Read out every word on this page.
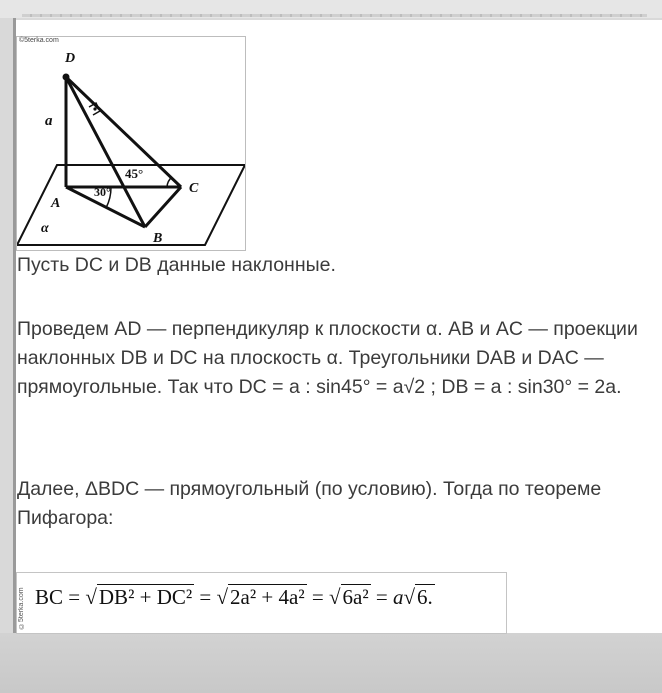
©5terka.com
D
a
A
B
C
α
45°
30°
Пусть DC и DB данные наклонные.
Проведем AD — перпендикуляр к плоскости α. AB и AC — проекции наклонных DB и DC на плоскость α. Треугольники DAB и DAC — прямоугольные. Так что DC = a : sin45° = a√2 ; DB = a : sin30° = 2a.
Далее, ΔBDC — прямоугольный (по условию). Тогда по теореме Пифагора:
©5terka.com BC = √DB² + DC² = √2a² + 4a² = √6a² = a√6.
